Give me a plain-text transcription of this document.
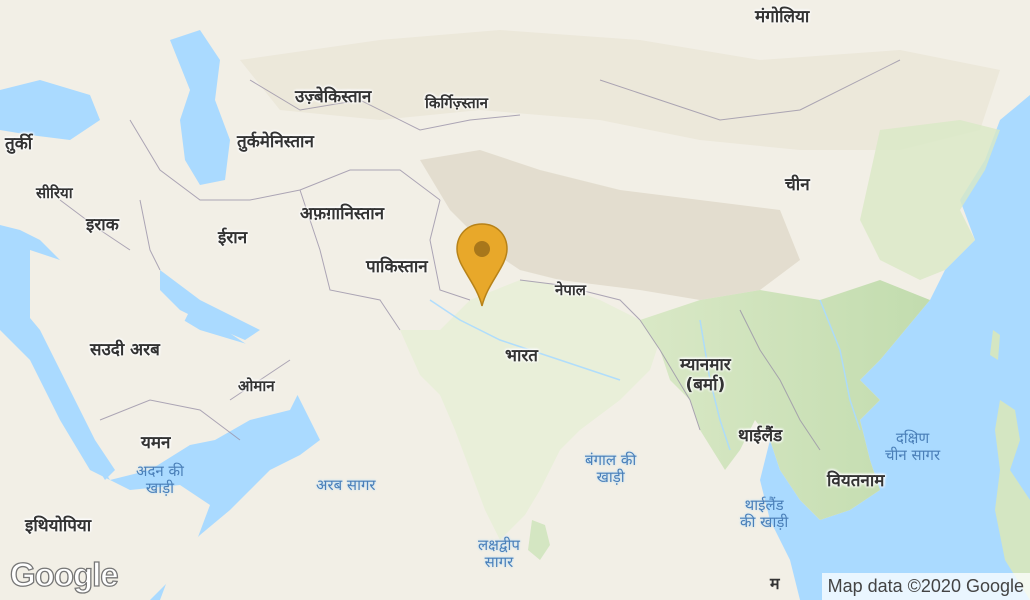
मंगोलिया
उज़्बेकिस्तान	किर्गिज़्स्तान
तुर्की	तुर्कमेनिस्तान
सीरिया	चीन
इराक
ईरान
अफ़ग़ानिस्तान
पाकिस्तान
नेपाल
भारत
सउदी अरब
म्यानमार
(बर्मा)
ओमान
थाईलैंड
यमन
वियतनाम
इथियोपिया
दक्षिण
चीन सागर
अदन की
खाड़ी
बंगाल की
खाड़ी
अरब सागर
थाईलैंड
की खाड़ी
लक्षद्वीप
सागर
म
Google	Map data ©2020 Google
